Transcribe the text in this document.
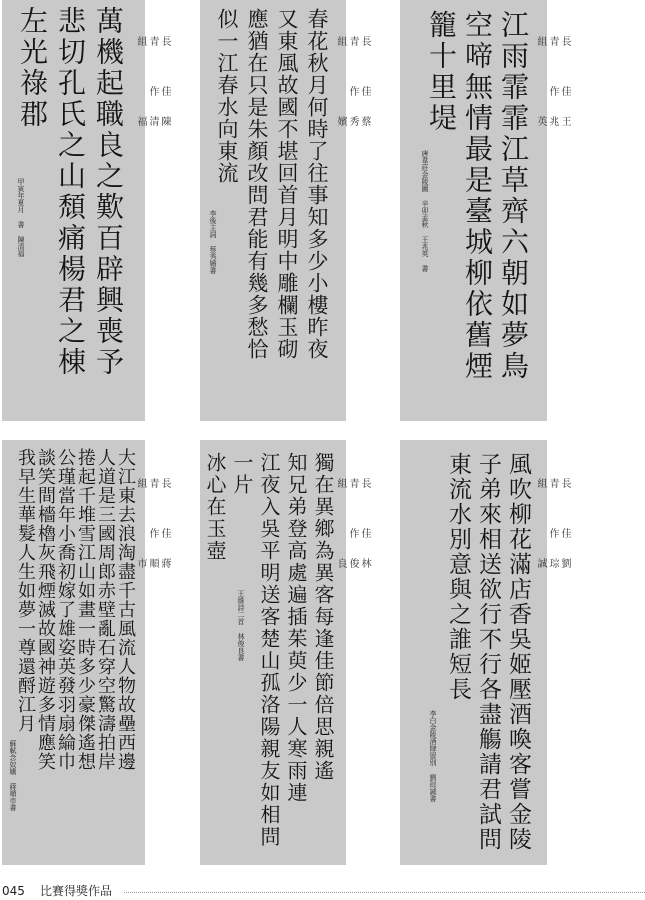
萬機起職良之歎百辟興喪予
悲切孔氏之山頹痛楊君之棟
左光祿郡
甲寅年夏月 書 陳清福
長青組
佳作
陳清福	春花秋月何時了往事知多少小樓昨夜
又東風故國不堪回首月明中雕欄玉砌
應猶在只是朱顏改問君能有幾多愁恰
似一江春水向東流
李後主詞 蔡秀嬪書
長青組
佳作
蔡秀嬪	江雨霏霏江草齊六朝如夢鳥
空啼無情最是臺城柳依舊煙
籠十里堤
唐韋莊金陵圖 辛卯孟秋 王兆英 書
長青組
佳作
王兆英
大江東去浪淘盡千古風流人物故壘西邊
人道是三國周郎赤壁亂石穿空驚濤拍岸
捲起千堆雪江山如畫一時多少豪傑遙想
公瑾當年小喬初嫁了雄姿英發羽扇綸巾
談笑間檣櫓灰飛煙滅故國神遊多情應笑
我早生華髮人生如夢一尊還酹江月
蘇軾念奴嬌 蔣順市書
長青組
佳作
蔣順市	獨在異鄉為異客每逢佳節倍思親遙
知兄弟登高處遍插茱萸少一人寒雨連
江夜入吳平明送客楚山孤洛陽親友如相問一片
冰心在玉壺
王維詩二首 林俊良書
長青組
佳作
林俊良	風吹柳花滿店香吳姬壓酒喚客嘗金陵
子弟來相送欲行不行各盡觴請君試問
東流水別意與之誰短長
李白金陵酒肆留別 劉琮誠書
長青組
佳作
劉琮誠
045 比賽得獎作品
